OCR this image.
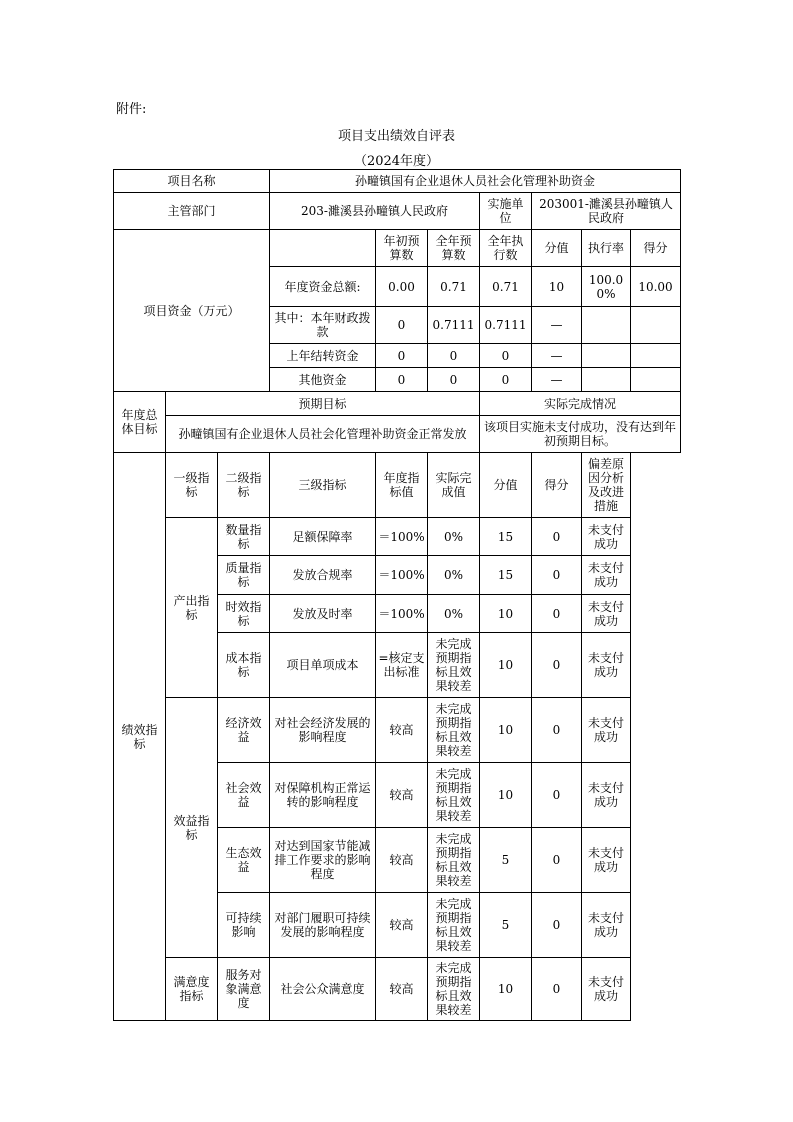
附件:
项目支出绩效自评表
（2024年度）
项目名称			孙疃镇国有企业退休人员社会化管理补助资金						
主管部门			203-濉溪县孙疃镇人民政府			实施单位	203001-濉溪县孙疃镇人民政府		
项目资金（万元）				年初预算数	全年预算数	全年执行数	分值	执行率	得分
			年度资金总额:	0.00	0.71	0.71	10	100.00%	10.00
			其中：本年财政拨款	0	0.7111	0.7111	—		
			上年结转资金	0	0	0	—		
			其他资金	0	0	0	—		
年度总体目标	预期目标					实际完成情况			
	孙疃镇国有企业退休人员社会化管理补助资金正常发放					该项目实施未支付成功，没有达到年初预期目标。			
绩效指标	一级指标	二级指标	三级指标	年度指标值	实际完成值	分值	得分	偏差原因分析及改进措施	
	产出指标	数量指标	足额保障率	＝100%	0%	15	0	未支付成功	
		质量指标	发放合规率	＝100%	0%	15	0	未支付成功	
		时效指标	发放及时率	＝100%	0%	10	0	未支付成功	
		成本指标	项目单项成本	=核定支出标准	未完成预期指标且效果较差	10	0	未支付成功	
	效益指标	经济效益	对社会经济发展的影响程度	较高	未完成预期指标且效果较差	10	0	未支付成功	
		社会效益	对保障机构正常运转的影响程度	较高	未完成预期指标且效果较差	10	0	未支付成功	
		生态效益	对达到国家节能减排工作要求的影响程度	较高	未完成预期指标且效果较差	5	0	未支付成功	
		可持续影响	对部门履职可持续发展的影响程度	较高	未完成预期指标且效果较差	5	0	未支付成功	
	满意度指标	服务对象满意度	社会公众满意度	较高	未完成预期指标且效果较差	10	0	未支付成功	
